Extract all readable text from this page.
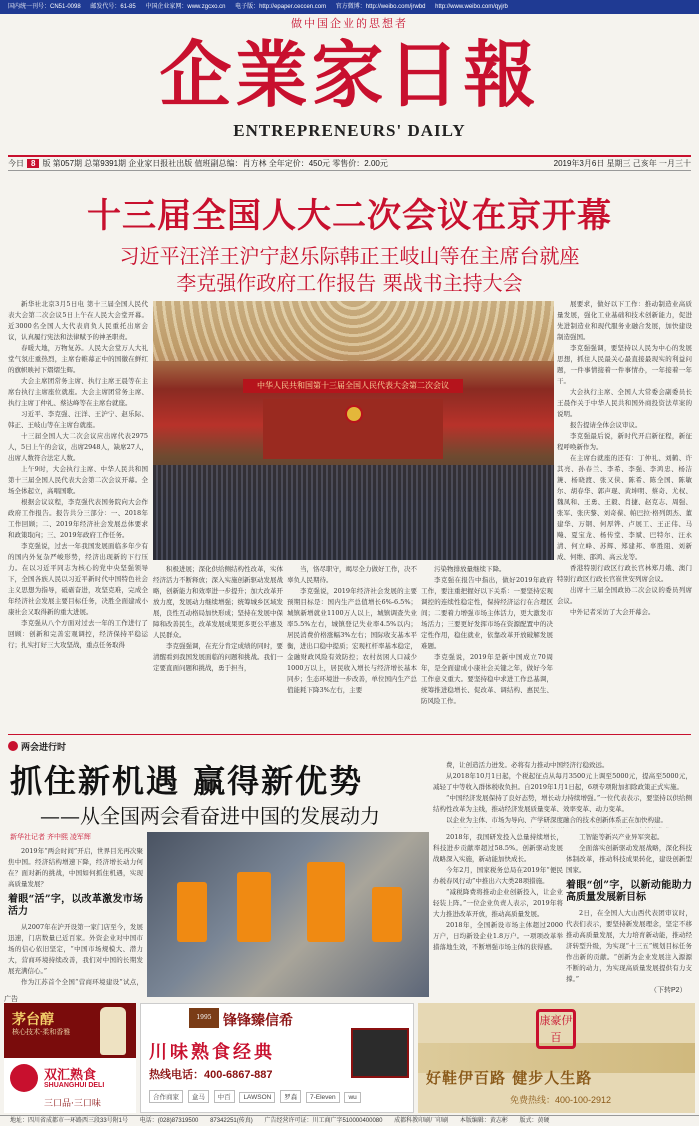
国内统一刊号：CN51-0098 邮发代号：61-85 中国企业家网：www.zgcxo.cn 电子版：http://epaper.ceccen.com 官方微博：http://weibo.com/jrwbd http://www.weibo.com/qyjrb
做中国企业的思想者
企業家日報
ENTREPRENEURS' DAILY
今日 8 版 第057期 总第9391期 企业家日报社出版 值班副总编：肖方林 全年定价：450元 零售价：2.00元	2019年3月6日 星期三 己亥年 一月三十
十三届全国人大二次会议在京开幕
习近平汪洋王沪宁赵乐际韩正王岐山等在主席台就座
李克强作政府工作报告 栗战书主持大会

新华社北京3月5日电 第十三届全国人民代表大会第二次会议5日上午在人民大会堂开幕。近3000名全国人大代表肩负人民重托出席会议，认真履行宪法和法律赋予的神圣职责。

春暖大地，万物复苏。人民大会堂万人大礼堂气氛庄重热烈，主席台帷幕正中的国徽在鲜红的旗帜映衬下熠熠生辉。

大会主席团常务主席、执行主席王晨等在主席台执行主席座位就座。大会主席团常务主席、执行主席丁仲礼、蔡达峰等在主席台就座。

习近平、李克强、汪洋、王沪宁、赵乐际、韩正、王岐山等在主席台就座。

十三届全国人大二次会议应出席代表2975人，5日上午的会议，出席2948人，缺席27人，出席人数符合法定人数。

上午9时，大会执行主席、中华人民共和国第十三届全国人民代表大会第二次会议开幕。全场全体起立，高唱国歌。

根据会议议程，李克强代表国务院向大会作政府工作报告。报告共分三部分：一、2018年工作回顾；二、2019年经济社会发展总体要求和政策取向；三、2019年政府工作任务。

李克强说，过去一年我国发展面临多年少有的国内外复杂严峻形势，经济出现新的下行压力。在以习近平同志为核心的党中央坚强领导下，全国各族人民以习近平新时代中国特色社会主义思想为指导，砥砺奋进，攻坚克难，完成全年经济社会发展主要目标任务，决胜全面建成小康社会又取得新的重大进展。

李克强从八个方面对过去一年的工作进行了回顾：创新和完善宏观调控，经济保持平稳运行；扎实打好三大攻坚战，重点任务取得

中华人民共和国第十三届全国人民代表大会第二次会议

展要求，做好以下工作：推动制造业高质量发展，强化工业基础和技术创新能力，促进先进制造业和现代服务业融合发展，加快建设制造强国。

李克强强调，要坚持以人民为中心的发展思想，抓住人民最关心最直接最现实的利益问题，一件事情接着一件事情办，一年接着一年干。

大会执行主席、全国人大常委会副委员长王晨作关于中华人民共和国外商投资法草案的说明。

报告提请全体会议审议。

李克强最后说，新时代开启新征程，新征程呼唤新作为。

在主席台就座的还有：丁仲礼、刘鹤、许其亮、孙春兰、李希、李强、李鸿忠、杨洁篪、杨晓渡、张又侠、陈希、陈全国、陈敏尔、胡春华、郭声琨、黄坤明、蔡奇、尤权、魏凤和、王勇、王毅、肖捷、赵克志、周强、张军、张庆黎、刘奇葆、帕巴拉·格列朗杰、董建华、万钢、何厚铧、卢展工、王正伟、马飚、夏宝龙、杨传堂、李斌、巴特尔、汪永清、何立峰、苏辉、郑建邦、辜胜阻、刘新成、何维、邵鸿、高云龙等。

香港特别行政区行政长官林郑月娥、澳门特别行政区行政长官崔世安列席会议。

出席十三届全国政协二次会议的委员列席会议。

中外记者采访了大会开幕会。

积极进展；深化供给侧结构性改革，实体经济活力不断释放；深入实施创新驱动发展战略，创新能力和效率进一步提升；加大改革开放力度，发展动力继续增强；统筹城乡区域发展，良性互动格局加快形成；坚持在发展中保障和改善民生，改革发展成果更多更公平惠及人民群众。

李克强强调，在充分肯定成绩的同时，要清醒看到我国发展面临的问题和挑战。我们一定要直面问题和挑战，勇于担当，

当，恪尽职守，竭尽全力做好工作，决不辜负人民期待。

李克强说，2019年经济社会发展的主要预期目标是：国内生产总值增长6%-6.5%；城镇新增就业1100万人以上，城镇调查失业率5.5%左右，城镇登记失业率4.5%以内；居民消费价格涨幅3%左右；国际收支基本平衡，进出口稳中提质；宏观杠杆率基本稳定，金融财政风险有效防控；农村贫困人口减少1000万以上，居民收入增长与经济增长基本同步；生态环境进一步改善，单位国内生产总值能耗下降3%左右，主要

污染物排放量继续下降。

李克强在报告中指出，做好2019年政府工作，要注重把握好以下关系：一要坚持宏观调控的连续性稳定性，保持经济运行在合理区间；二要着力增强市场主体活力，更大激发市场活力；三要更好发挥市场在资源配置中的决定性作用，稳住就业，依靠改革开放破解发展难题。

李克强说，2019年是新中国成立70周年，是全面建成小康社会关键之年，做好今年工作意义重大。要坚持稳中求进工作总基调，统筹推进稳增长、促改革、调结构、惠民生、防风险工作。

两会进行时
抓住新机遇 赢得新优势
——从全国两会看奋进中国的发展动力
新华社记者 齐中熙 凌军辉

2019年“两会时间”开启，世界目光再次聚焦中国。经济结构增速下降，经济增长动力何在？面对新的挑战，中国如何抓住机遇，实现高质量发展？

着眼“活”字，以改革激发市场活力

从2007年在沪开设第一家门店至今，发展迅速，门店数量已近百家。外资企业对中国市场的信心依旧坚定，“中国市场规模大、潜力大，营商环境持续改善，我们对中国的长期发展充满信心。”

作为江苏首个全国“营商环境建设”试点，

2018年，我国研发投入总量持续增长，科技进步贡献率超过58.5%。创新驱动发展战略深入实施，新动能加快成长。

今年2月，国家税务总局在2019年“便民办税春风行动”中推出六大类28项措施。

“减税降费将推动企业创新投入，让企业轻装上阵。”一位企业负责人表示，2019年将大力推进改革开放，推动高质量发展。

2018年，全国新设市场主体超过2000万户，日均新设企业1.8万户。一项项改革举措落地生效，不断增强市场主体的获得感。

工智能等新兴产业异军突起。

全面落实创新驱动发展战略，深化科技体制改革，推动科技成果转化，建设创新型国家。

着眼“创”字，以新动能助力高质量发展新目标

2日，在全国人大山西代表团审议时，代表们表示，要坚持新发展理念，坚定不移推动高质量发展，大力培育新动能，推动经济转型升级，为实现“十三五”规划目标任务作出新的贡献。“创新为企业发展注入源源不断的动力，为实现高质量发展提供有力支撑。”

费，让创造活力迸发。必将有力推动中国经济行稳致远。

从2018年10月1日起，个税起征点从每月3500元上调至5000元，提高至5000元，减轻了中等收入群体税收负担。自2019年1月1日起，6项专项附加扣除政策正式实施。

“中国经济发展保持了良好态势，增长动力持续增强。”一位代表表示，要坚持以供给侧结构性改革为主线，推动经济发展质量变革、效率变革、动力变革。

以企业为主体、市场为导向、产学研深度融合的技术创新体系正在加快构建。

（下转P2）
广告
茅台醇
核心技术·柔和香雅
双汇熟食
SHUANGHUI DELI
三口品·三口味
1995 锋锋臻信希
川味熟食经典
热线电话：400-6867-887
合作商家 盒马 中百 LAWSON 罗森 7-Eleven wu
康豪伊百
好鞋伊百路 健步人生路
免费热线：400-100-2912
地址：四川省成都市一环路西三段33号附1号 电话：(028)87319500 87342251(传真) 广告经营许可证：川工商广字510000400080 成都科教印刷厂印刷 本版编辑：黄志彬 版式：黄硬
